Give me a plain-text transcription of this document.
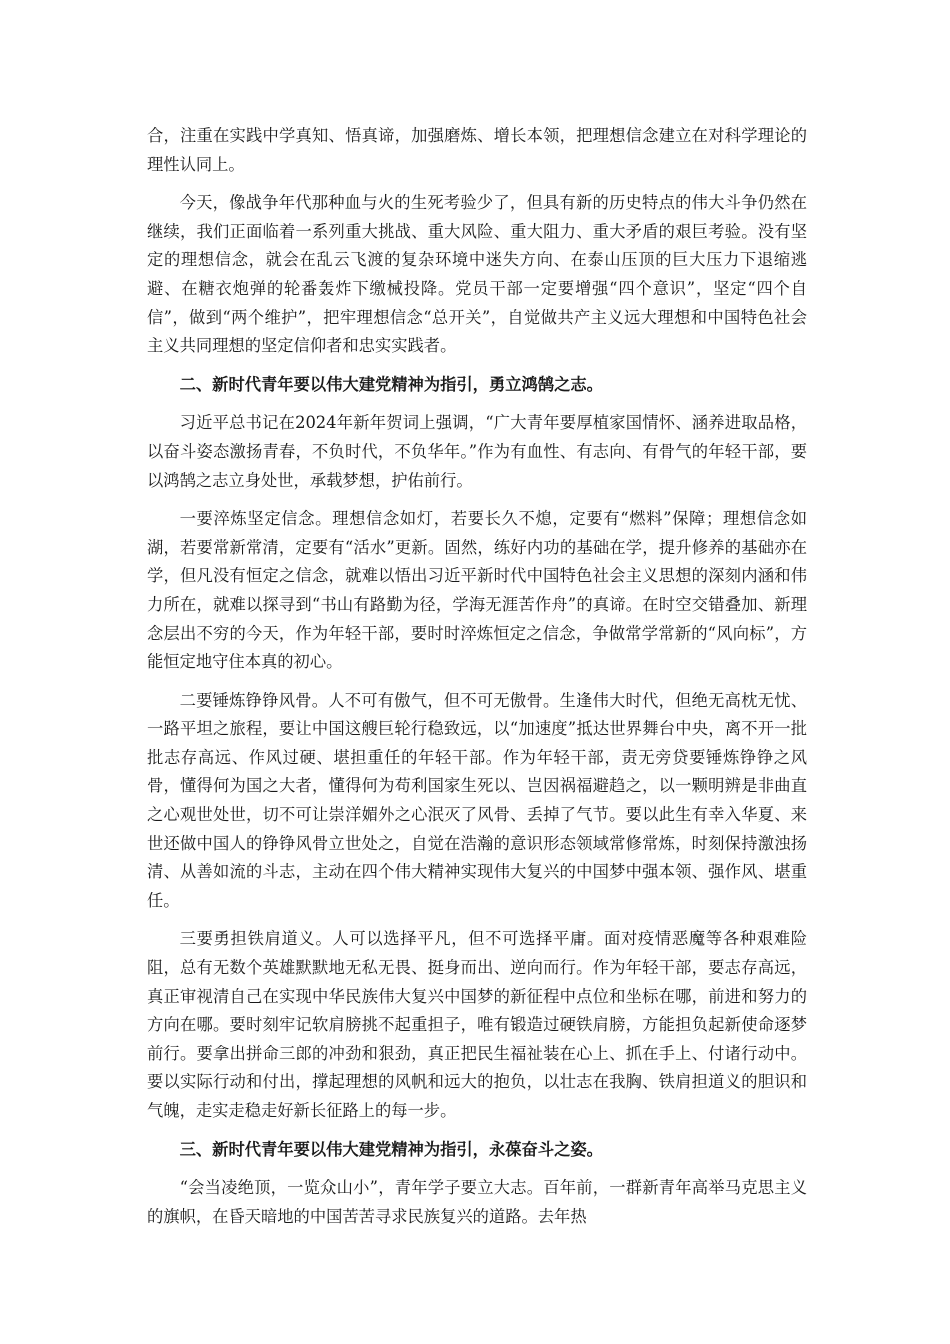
合，注重在实践中学真知、悟真谛，加强磨炼、增长本领，把理想信念建立在对科学理论的理性认同上。

今天，像战争年代那种血与火的生死考验少了，但具有新的历史特点的伟大斗争仍然在继续，我们正面临着一系列重大挑战、重大风险、重大阻力、重大矛盾的艰巨考验。没有坚定的理想信念，就会在乱云飞渡的复杂环境中迷失方向、在泰山压顶的巨大压力下退缩逃避、在糖衣炮弹的轮番轰炸下缴械投降。党员干部一定要增强“四个意识”，坚定“四个自信”，做到“两个维护”，把牢理想信念“总开关”，自觉做共产主义远大理想和中国特色社会主义共同理想的坚定信仰者和忠实实践者。

二、新时代青年要以伟大建党精神为指引，勇立鸿鹄之志。

习近平总书记在2024年新年贺词上强调，“广大青年要厚植家国情怀、涵养进取品格，以奋斗姿态激扬青春，不负时代，不负华年。”作为有血性、有志向、有骨气的年轻干部，要以鸿鹄之志立身处世，承载梦想，护佑前行。

一要淬炼坚定信念。理想信念如灯，若要长久不熄，定要有“燃料”保障；理想信念如湖，若要常新常清，定要有“活水”更新。固然，练好内功的基础在学，提升修养的基础亦在学，但凡没有恒定之信念，就难以悟出习近平新时代中国特色社会主义思想的深刻内涵和伟力所在，就难以探寻到“书山有路勤为径，学海无涯苦作舟”的真谛。在时空交错叠加、新理念层出不穷的今天，作为年轻干部，要时时淬炼恒定之信念，争做常学常新的“风向标”，方能恒定地守住本真的初心。

二要锤炼铮铮风骨。人不可有傲气，但不可无傲骨。生逢伟大时代，但绝无高枕无忧、一路平坦之旅程，要让中国这艘巨轮行稳致远，以“加速度”抵达世界舞台中央，离不开一批批志存高远、作风过硬、堪担重任的年轻干部。作为年轻干部，责无旁贷要锤炼铮铮之风骨，懂得何为国之大者，懂得何为苟利国家生死以、岂因祸福避趋之，以一颗明辨是非曲直之心观世处世，切不可让崇洋媚外之心泯灭了风骨、丢掉了气节。要以此生有幸入华夏、来世还做中国人的铮铮风骨立世处之，自觉在浩瀚的意识形态领域常修常炼，时刻保持激浊扬清、从善如流的斗志，主动在四个伟大精神实现伟大复兴的中国梦中强本领、强作风、堪重任。

三要勇担铁肩道义。人可以选择平凡，但不可选择平庸。面对疫情恶魔等各种艰难险阻，总有无数个英雄默默地无私无畏、挺身而出、逆向而行。作为年轻干部，要志存高远，真正审视清自己在实现中华民族伟大复兴中国梦的新征程中点位和坐标在哪，前进和努力的方向在哪。要时刻牢记软肩膀挑不起重担子，唯有锻造过硬铁肩膀，方能担负起新使命逐梦前行。要拿出拼命三郎的冲劲和狠劲，真正把民生福祉装在心上、抓在手上、付诸行动中。要以实际行动和付出，撑起理想的风帆和远大的抱负，以壮志在我胸、铁肩担道义的胆识和气魄，走实走稳走好新长征路上的每一步。

三、新时代青年要以伟大建党精神为指引，永葆奋斗之姿。

“会当凌绝顶，一览众山小”，青年学子要立大志。百年前，一群新青年高举马克思主义的旗帜，在昏天暗地的中国苦苦寻求民族复兴的道路。去年热
